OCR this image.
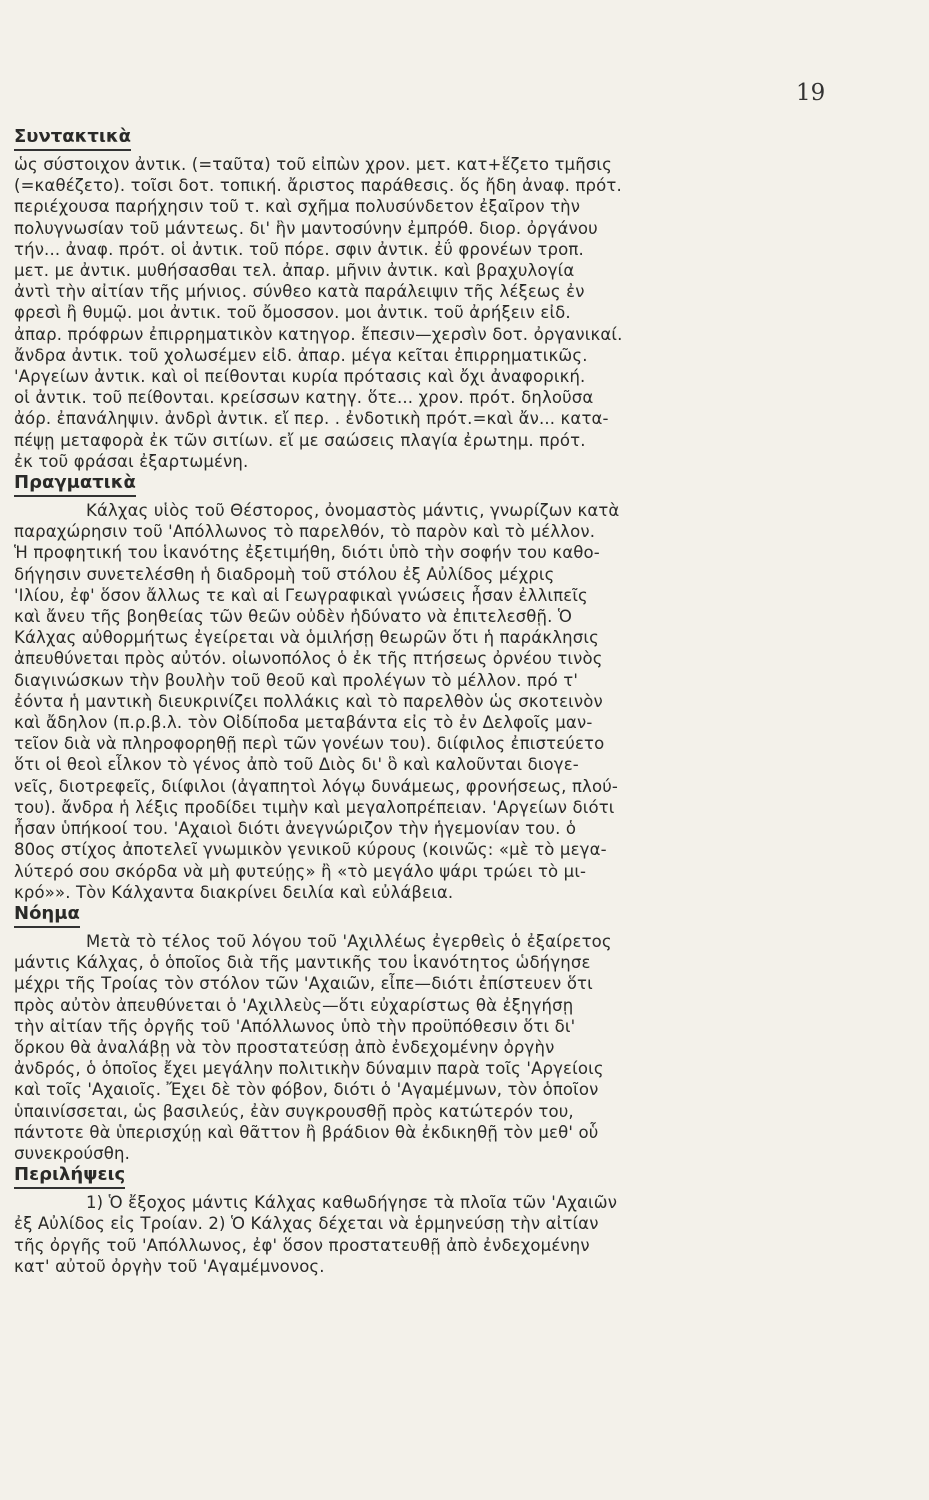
19
Συντακτικὰ
ὡς σύστοιχον ἀντικ. (=ταῦτα) τοῦ εἰπὼν χρον. μετ. κατ+ἕζετο τμῆσις
(=καθέζετο). τοῖσι δοτ. τοπική. ἄριστος παράθεσις. ὅς ἤδη ἀναφ. πρότ.
περιέχουσα παρήχησιν τοῦ τ. καὶ σχῆμα πολυσύνδετον ἐξαῖρον τὴν
πολυγνωσίαν τοῦ μάντεως. δι' ἣν μαντοσύνην ἐμπρόθ. διορ. ὀργάνου
τήν... ἀναφ. πρότ. οἱ ἀντικ. τοῦ πόρε. σφιν ἀντικ. ἐΰ φρονέων τροπ.
μετ. με ἀντικ. μυθήσασθαι τελ. ἀπαρ. μῆνιν ἀντικ. καὶ βραχυλογία
ἀντὶ τὴν αἰτίαν τῆς μήνιος. σύνθεο κατὰ παράλειψιν τῆς λέξεως ἐν
φρεσὶ ἢ θυμῷ. μοι ἀντικ. τοῦ ὄμοσσον. μοι ἀντικ. τοῦ ἀρήξειν εἰδ.
ἀπαρ. πρόφρων ἐπιρρηματικὸν κατηγορ. ἔπεσιν—χερσὶν δοτ. ὀργανικαί.
ἄνδρα ἀντικ. τοῦ χολωσέμεν εἰδ. ἀπαρ. μέγα κεῖται ἐπιρρηματικῶς.
'Αργείων ἀντικ. καὶ οἱ πείθονται κυρία πρότασις καὶ ὄχι ἀναφορική.
οἱ ἀντικ. τοῦ πείθονται. κρείσσων κατηγ. ὅτε... χρον. πρότ. δηλοῦσα
ἀόρ. ἐπανάληψιν. ἀνδρὶ ἀντικ. εἴ περ. . ἐνδοτικὴ πρότ.=καὶ ἄν... κατα-
πέψῃ μεταφορὰ ἐκ τῶν σιτίων. εἴ με σαώσεις πλαγία ἐρωτημ. πρότ.
ἐκ τοῦ φράσαι ἐξαρτωμένη.
Πραγματικὰ
Κάλχας υἱὸς τοῦ Θέστορος, ὀνομαστὸς μάντις, γνωρίζων κατὰ
παραχώρησιν τοῦ 'Απόλλωνος τὸ παρελθόν, τὸ παρὸν καὶ τὸ μέλλον.
Ἡ προφητική του ἱκανότης ἐξετιμήθη, διότι ὑπὸ τὴν σοφήν του καθο-
δήγησιν συνετελέσθη ἡ διαδρομὴ τοῦ στόλου ἐξ Αὐλίδος μέχρις
'Ιλίου, ἐφ' ὅσον ἄλλως τε καὶ αἱ Γεωγραφικαὶ γνώσεις ἦσαν ἐλλιπεῖς
καὶ ἄνευ τῆς βοηθείας τῶν θεῶν οὐδὲν ἠδύνατο νὰ ἐπιτελεσθῇ. Ὁ
Κάλχας αὐθορμήτως ἐγείρεται νὰ ὁμιλήσῃ θεωρῶν ὅτι ἡ παράκλησις
ἀπευθύνεται πρὸς αὐτόν. οἰωνοπόλος ὁ ἐκ τῆς πτήσεως ὀρνέου τινὸς
διαγινώσκων τὴν βουλὴν τοῦ θεοῦ καὶ προλέγων τὸ μέλλον. πρό τ'
ἐόντα ἡ μαντικὴ διευκρινίζει πολλάκις καὶ τὸ παρελθὸν ὡς σκοτεινὸν
καὶ ἄδηλον (π.ρ.β.λ. τὸν Οἰδίποδα μεταβάντα εἰς τὸ ἐν Δελφοῖς μαν-
τεῖον διὰ νὰ πληροφορηθῇ περὶ τῶν γονέων του). διίφιλος ἐπιστεύετο
ὅτι οἱ θεοὶ εἷλκον τὸ γένος ἀπὸ τοῦ Διὸς δι' ὃ καὶ καλοῦνται διογε-
νεῖς, διοτρεφεῖς, διίφιλοι (ἀγαπητοὶ λόγῳ δυνάμεως, φρονήσεως, πλού-
του). ἄνδρα ἡ λέξις προδίδει τιμὴν καὶ μεγαλοπρέπειαν. 'Αργείων διότι
ἦσαν ὑπήκοοί του. 'Αχαιοὶ διότι ἀνεγνώριζον τὴν ἡγεμονίαν του. ὁ
80ος στίχος ἀποτελεῖ γνωμικὸν γενικοῦ κύρους (κοινῶς: «μὲ τὸ μεγα-
λύτερό σου σκόρδα νὰ μὴ φυτεύῃς» ἢ «τὸ μεγάλο ψάρι τρώει τὸ μι-
κρό»». Τὸν Κάλχαντα διακρίνει δειλία καὶ εὐλάβεια.
Νόημα
Μετὰ τὸ τέλος τοῦ λόγου τοῦ 'Αχιλλέως ἐγερθεὶς ὁ ἐξαίρετος
μάντις Κάλχας, ὁ ὁποῖος διὰ τῆς μαντικῆς του ἱκανότητος ὡδήγησε
μέχρι τῆς Τροίας τὸν στόλον τῶν 'Αχαιῶν, εἶπε—διότι ἐπίστευεν ὅτι
πρὸς αὐτὸν ἀπευθύνεται ὁ 'Αχιλλεὺς—ὅτι εὐχαρίστως θὰ ἐξηγήσῃ
τὴν αἰτίαν τῆς ὀργῆς τοῦ 'Απόλλωνος ὑπὸ τὴν προϋπόθεσιν ὅτι δι'
ὅρκου θὰ ἀναλάβῃ νὰ τὸν προστατεύσῃ ἀπὸ ἐνδεχομένην ὀργὴν
ἀνδρός, ὁ ὁποῖος ἔχει μεγάλην πολιτικὴν δύναμιν παρὰ τοῖς 'Αργείοις
καὶ τοῖς 'Αχαιοῖς. Ἔχει δὲ τὸν φόβον, διότι ὁ 'Αγαμέμνων, τὸν ὁποῖον
ὑπαινίσσεται, ὡς βασιλεύς, ἐὰν συγκρουσθῇ πρὸς κατώτερόν του,
πάντοτε θὰ ὑπερισχύῃ καὶ θᾶττον ἢ βράδιον θὰ ἐκδικηθῇ τὸν μεθ' οὗ
συνεκρούσθη.
Περιλήψεις
1) Ὁ ἔξοχος μάντις Κάλχας καθωδήγησε τὰ πλοῖα τῶν 'Αχαιῶν
ἐξ Αὐλίδος εἰς Τροίαν. 2) Ὁ Κάλχας δέχεται νὰ ἑρμηνεύσῃ τὴν αἰτίαν
τῆς ὀργῆς τοῦ 'Απόλλωνος, ἐφ' ὅσον προστατευθῇ ἀπὸ ἐνδεχομένην
κατ' αὐτοῦ ὀργὴν τοῦ 'Αγαμέμνονος.
